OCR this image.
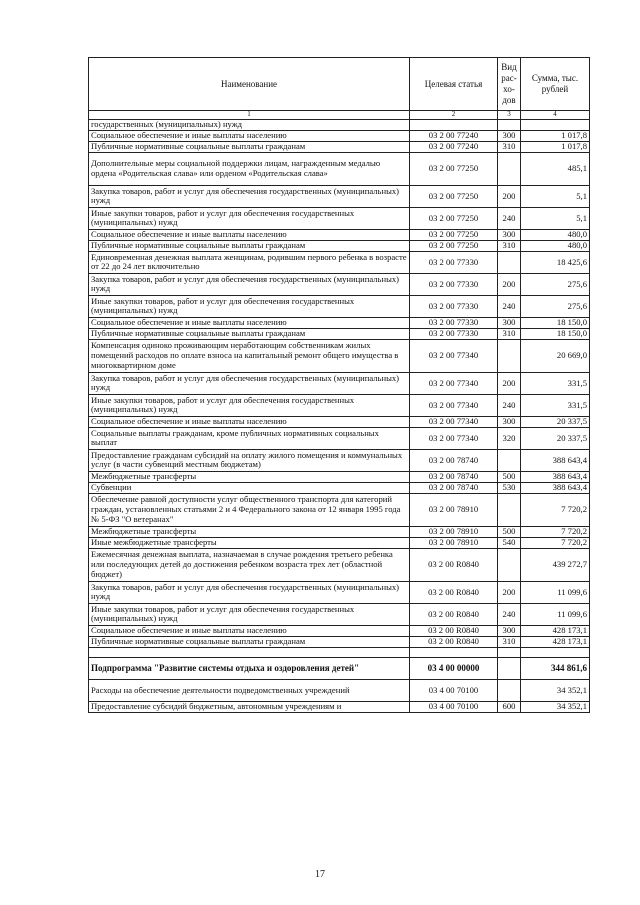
Наименование	Целевая статья	Вид рас-хо-дов	Сумма, тыс. рублей
1	2	3	4
государственных (муниципальных) нужд			
Социальное обеспечение и иные выплаты населению	03 2 00 77240	300	1 017,8
Публичные нормативные социальные выплаты гражданам	03 2 00 77240	310	1 017,8
Дополнительные меры социальной поддержки лицам, награжденным медалью ордена «Родительская слава» или орденом «Родительская слава»	03 2 00 77250		485,1
Закупка товаров, работ и услуг для обеспечения государственных (муниципальных) нужд	03 2 00 77250	200	5,1
Иные закупки товаров, работ и услуг для обеспечения государственных (муниципальных) нужд	03 2 00 77250	240	5,1
Социальное обеспечение и иные выплаты населению	03 2 00 77250	300	480,0
Публичные нормативные социальные выплаты гражданам	03 2 00 77250	310	480,0
Единовременная денежная выплата женщинам, родившим первого ребенка в возрасте от 22 до 24 лет включительно	03 2 00 77330		18 425,6
Закупка товаров, работ и услуг для обеспечения государственных (муниципальных) нужд	03 2 00 77330	200	275,6
Иные закупки товаров, работ и услуг для обеспечения государственных (муниципальных) нужд	03 2 00 77330	240	275,6
Социальное обеспечение и иные выплаты населению	03 2 00 77330	300	18 150,0
Публичные нормативные социальные выплаты гражданам	03 2 00 77330	310	18 150,0
Компенсация одиноко проживающим неработающим собственникам жилых помещений расходов по оплате взноса на капитальный ремонт общего имущества в многоквартирном доме	03 2 00 77340		20 669,0
Закупка товаров, работ и услуг для обеспечения государственных (муниципальных) нужд	03 2 00 77340	200	331,5
Иные закупки товаров, работ и услуг для обеспечения государственных (муниципальных) нужд	03 2 00 77340	240	331,5
Социальное обеспечение и иные выплаты населению	03 2 00 77340	300	20 337,5
Социальные выплаты гражданам, кроме публичных нормативных социальных выплат	03 2 00 77340	320	20 337,5
Предоставление гражданам субсидий на оплату жилого помещения и коммунальных услуг (в части субвенций местным бюджетам)	03 2 00 78740		388 643,4
Межбюджетные трансферты	03 2 00 78740	500	388 643,4
Субвенции	03 2 00 78740	530	388 643,4
Обеспечение равной доступности услуг общественного транспорта для категорий граждан, установленных статьями 2 и 4 Федерального закона от 12 января 1995 года № 5-ФЗ "О ветеранах"	03 2 00 78910		7 720,2
Межбюджетные трансферты	03 2 00 78910	500	7 720,2
Иные межбюджетные трансферты	03 2 00 78910	540	7 720,2
Ежемесячная денежная выплата, назначаемая в случае рождения третьего ребенка или последующих детей до достижения ребенком возраста трех лет (областной бюджет)	03 2 00 R0840		439 272,7
Закупка товаров, работ и услуг для обеспечения государственных (муниципальных) нужд	03 2 00 R0840	200	11 099,6
Иные закупки товаров, работ и услуг для обеспечения государственных (муниципальных) нужд	03 2 00 R0840	240	11 099,6
Социальное обеспечение и иные выплаты населению	03 2 00 R0840	300	428 173,1
Публичные нормативные социальные выплаты гражданам	03 2 00 R0840	310	428 173,1

Подпрограмма "Развитие системы отдыха и оздоровления детей"	03 4 00 00000		344 861,6
Расходы на обеспечение деятельности подведомственных учреждений	03 4 00 70100		34 352,1
Предоставление субсидий бюджетным, автономным учреждениям и	03 4 00 70100	600	34 352,1
17
